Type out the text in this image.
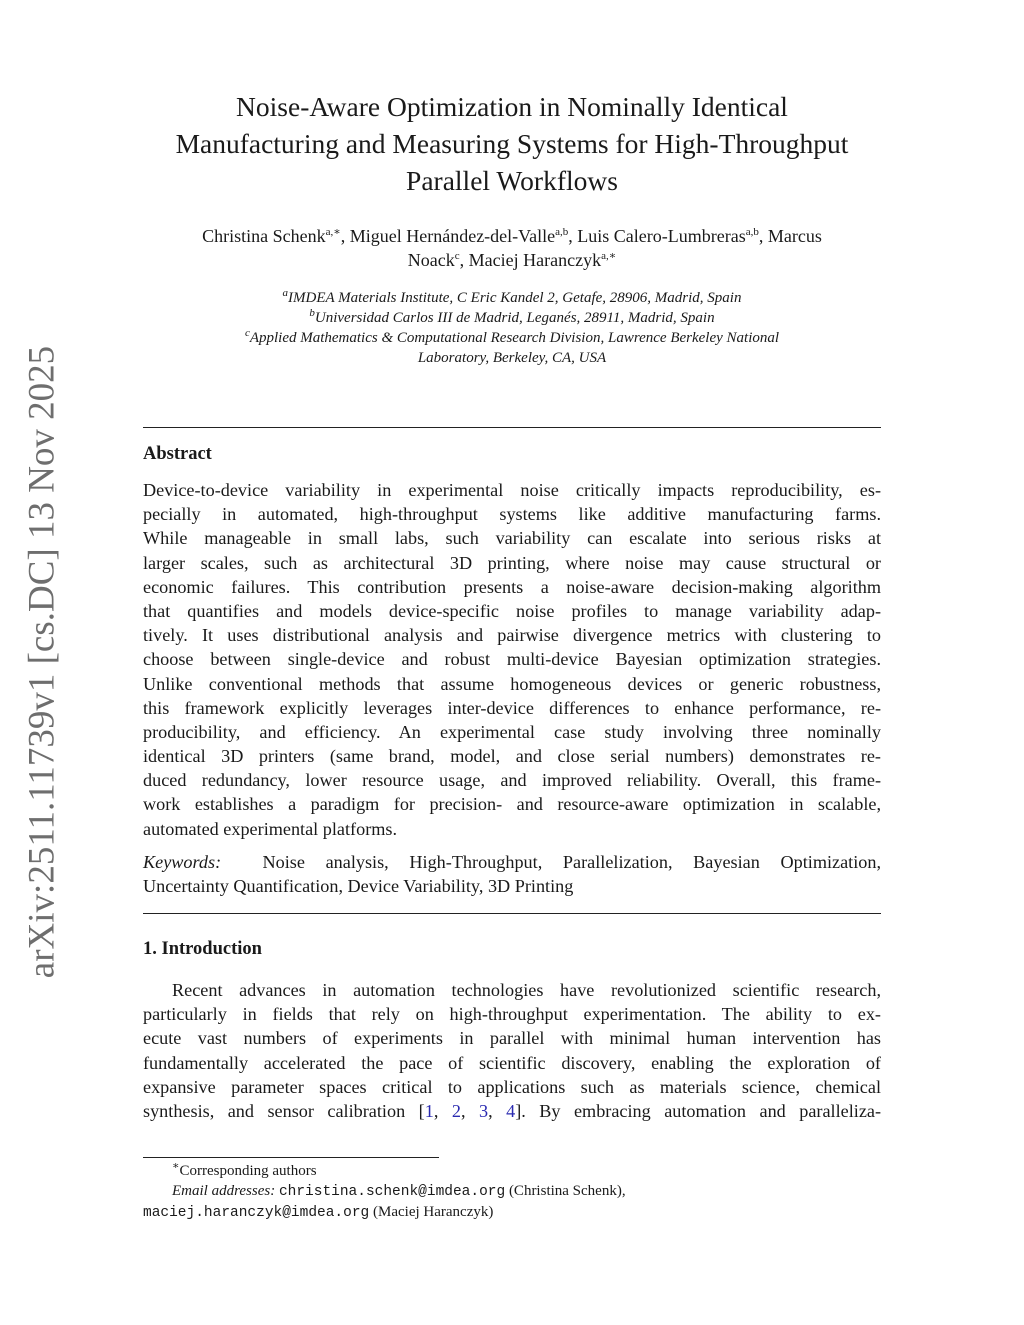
arXiv:2511.11739v1 [cs.DC] 13 Nov 2025
Noise-Aware Optimization in Nominally Identical
Manufacturing and Measuring Systems for High-Throughput
Parallel Workflows
Christina Schenk$^{a,∗}$, Miguel Hernández-del-Valle$^{a,b}$, Luis Calero-Lumbreras$^{a,b}$, Marcus
Noack$^c$, Maciej Haranczyk$^{a,∗}$
$^a$IMDEA Materials Institute, C Eric Kandel 2, Getafe, 28906, Madrid, Spain
$^b$Universidad Carlos III de Madrid, Leganés, 28911, Madrid, Spain
$^c$Applied Mathematics & Computational Research Division, Lawrence Berkeley National
Laboratory, Berkeley, CA, USA
Abstract
Device-to-device variability in experimental noise critically impacts reproducibility, es-
pecially in automated, high-throughput systems like additive manufacturing farms.
While manageable in small labs, such variability can escalate into serious risks at
larger scales, such as architectural 3D printing, where noise may cause structural or
economic failures. This contribution presents a noise-aware decision-making algorithm
that quantifies and models device-specific noise profiles to manage variability adap-
tively. It uses distributional analysis and pairwise divergence metrics with clustering to
choose between single-device and robust multi-device Bayesian optimization strategies.
Unlike conventional methods that assume homogeneous devices or generic robustness,
this framework explicitly leverages inter-device differences to enhance performance, re-
producibility, and efficiency. An experimental case study involving three nominally
identical 3D printers (same brand, model, and close serial numbers) demonstrates re-
duced redundancy, lower resource usage, and improved reliability. Overall, this frame-
work establishes a paradigm for precision- and resource-aware optimization in scalable,
automated experimental platforms.
Keywords: Noise analysis, High-Throughput, Parallelization, Bayesian Optimization,
Uncertainty Quantification, Device Variability, 3D Printing
1. Introduction
Recent advances in automation technologies have revolutionized scientific research,
particularly in fields that rely on high-throughput experimentation. The ability to ex-
ecute vast numbers of experiments in parallel with minimal human intervention has
fundamentally accelerated the pace of scientific discovery, enabling the exploration of
expansive parameter spaces critical to applications such as materials science, chemical
synthesis, and sensor calibration [1, 2, 3, 4]. By embracing automation and paralleliza-
∗Corresponding authors
Email addresses: christina.schenk@imdea.org (Christina Schenk),
maciej.haranczyk@imdea.org (Maciej Haranczyk)
